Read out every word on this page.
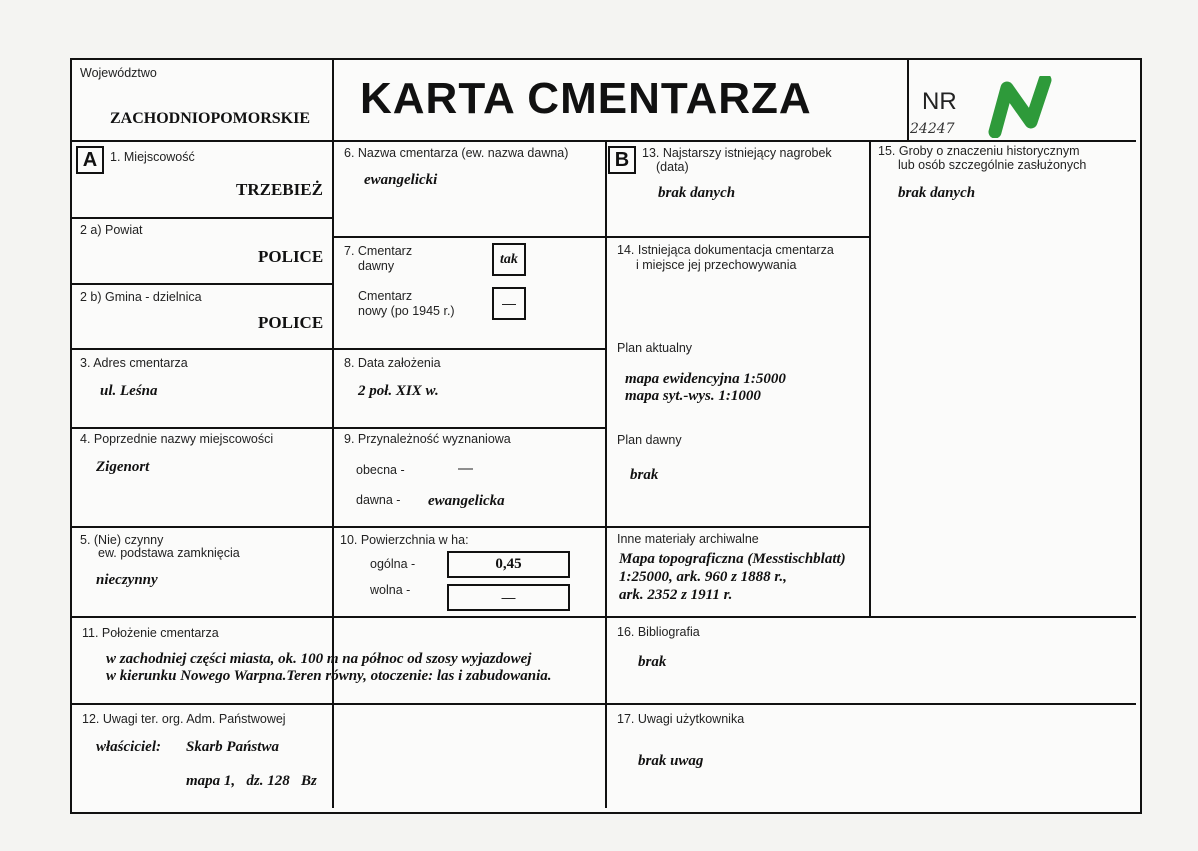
Województwo
ZACHODNIOPOMORSKIE KARTA CMENTARZA	NR
24247
A	1. Miejscowość
TRZEBIEŻ
2 a) Powiat
POLICE
2 b) Gmina - dzielnica
POLICE
3. Adres cmentarza
ul. Leśna
4. Poprzednie nazwy miejscowości
Zigenort
5. (Nie) czynny
ew. podstawa zamknięcia
nieczynny
6. Nazwa cmentarza (ew. nazwa dawna)
ewangelicki
7. Cmentarz
dawny	tak
Cmentarz
nowy (po 1945 r.)	—
8. Data założenia
2 poł. XIX w.
9. Przynależność wyznaniowa
obecna -	—
dawna - ewangelicka
10. Powierzchnia w ha:
ogólna -	0,45
wolna -	—
B	13. Najstarszy istniejący nagrobek
(data)
brak danych
14. Istniejąca dokumentacja cmentarza
i miejsce jej przechowywania
Plan aktualny
mapa ewidencyjna 1:5000
mapa syt.-wys. 1:1000
Plan dawny
brak
Inne materiały archiwalne
Mapa topograficzna (Messtischblatt)
1:25000, ark. 960 z 1888 r.,
ark. 2352 z 1911 r.
15. Groby o znaczeniu historycznym
lub osób szczególnie zasłużonych
brak danych
11. Położenie cmentarza
w zachodniej części miasta, ok. 100 m na północ od szosy wyjazdowej
w kierunku Nowego Warpna.Teren równy, otoczenie: las i zabudowania.
16. Bibliografia
brak
12. Uwagi ter. org. Adm. Państwowej
właściciel: Skarb Państwa
mapa 1,   dz. 128   Bz
17. Uwagi użytkownika
brak uwag
